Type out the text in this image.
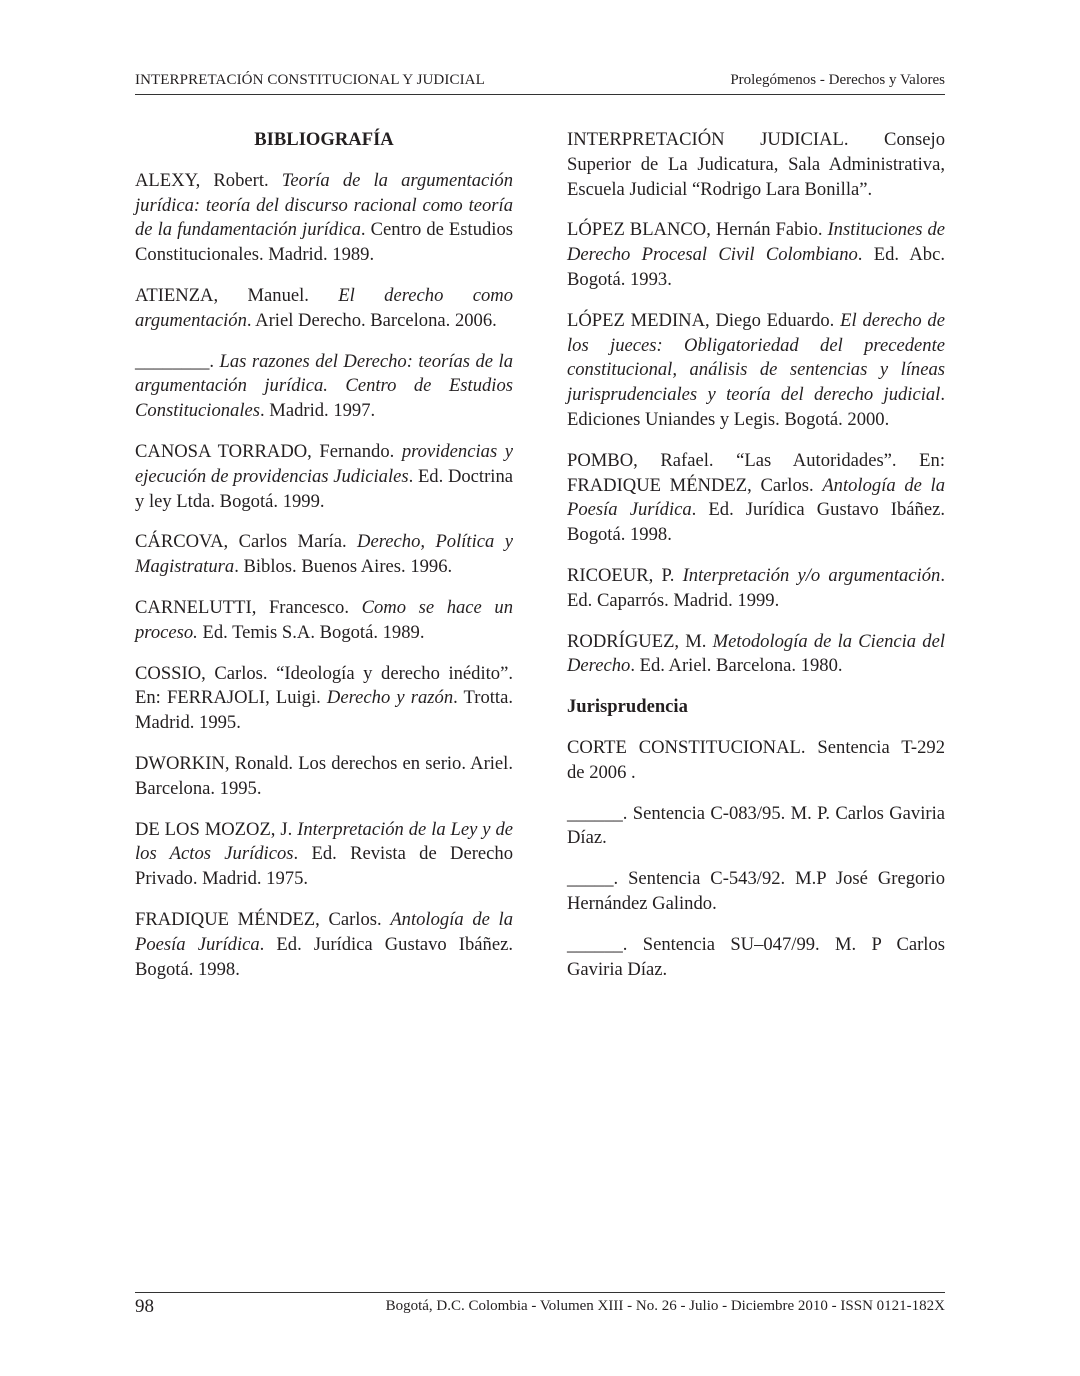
INTERPRETACIÓN CONSTITUCIONAL Y JUDICIAL	Prolegómenos - Derechos y Valores
BIBLIOGRAFÍA

ALEXY, Robert. Teoría de la argumentación jurídica: teoría del discurso racional como teoría de la fundamentación jurídica. Centro de Estudios Constitucionales. Madrid. 1989.

ATIENZA, Manuel. El derecho como argumentación. Ariel Derecho. Barcelona. 2006.

________. Las razones del Derecho: teorías de la argumentación jurídica. Centro de Estudios Constitucionales. Madrid. 1997.

CANOSA TORRADO, Fernando. providencias y ejecución de providencias Judiciales. Ed. Doctrina y ley Ltda. Bogotá. 1999.

CÁRCOVA, Carlos María. Derecho, Política y Magistratura. Biblos. Buenos Aires. 1996.

CARNELUTTI, Francesco. Como se hace un proceso. Ed. Temis S.A. Bogotá. 1989.

COSSIO, Carlos. “Ideología y derecho inédito”. En: FERRAJOLI, Luigi. Derecho y razón. Trotta. Madrid. 1995.

DWORKIN, Ronald. Los derechos en serio. Ariel. Barcelona. 1995.

DE LOS MOZOZ, J. Interpretación de la Ley y de los Actos Jurídicos. Ed. Revista de Derecho Privado. Madrid. 1975.

FRADIQUE MÉNDEZ, Carlos. Antología de la Poesía Jurídica. Ed. Jurídica Gustavo Ibáñez. Bogotá. 1998.

INTERPRETACIÓN JUDICIAL. Consejo Superior de La Judicatura, Sala Administrativa, Escuela Judicial “Rodrigo Lara Bonilla”.

LÓPEZ BLANCO, Hernán Fabio. Instituciones de Derecho Procesal Civil Colombiano. Ed. Abc. Bogotá. 1993.

LÓPEZ MEDINA, Diego Eduardo. El derecho de los jueces: Obligatoriedad del precedente constitucional, análisis de sentencias y líneas jurisprudenciales y teoría del derecho judicial. Ediciones Uniandes y Legis. Bogotá. 2000.

POMBO, Rafael. “Las Autoridades”. En: FRADIQUE MÉNDEZ, Carlos. Antología de la Poesía Jurídica. Ed. Jurídica Gustavo Ibáñez. Bogotá. 1998.

RICOEUR, P. Interpretación y/o argumentación. Ed. Caparrós. Madrid. 1999.

RODRÍGUEZ, M. Metodología de la Ciencia del Derecho. Ed. Ariel. Barcelona. 1980.

Jurisprudencia

CORTE CONSTITUCIONAL. Sentencia T-292 de 2006 .

______. Sentencia C-083/95. M. P. Carlos Gaviria Díaz.

_____. Sentencia C-543/92. M.P José Gregorio Hernández Galindo.

______. Sentencia SU–047/99. M. P Carlos Gaviria Díaz.

98	Bogotá, D.C. Colombia - Volumen XIII - No. 26 - Julio - Diciembre 2010 - ISSN 0121-182X
